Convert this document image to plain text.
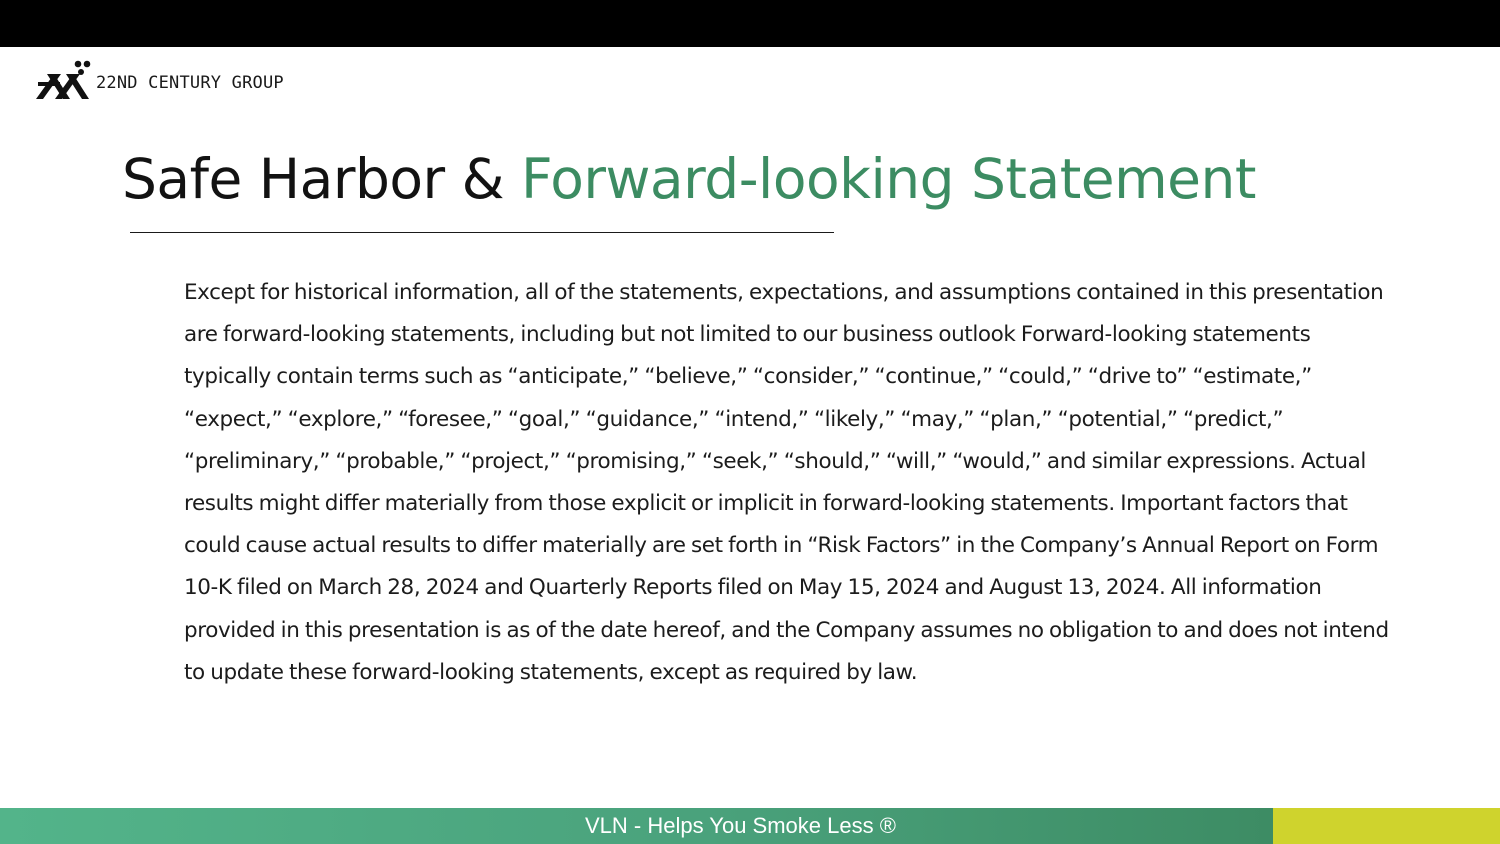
22ND CENTURY GROUP
Safe Harbor & Forward-looking Statement

Except for historical information, all of the statements, expectations, and assumptions contained in this presentation are forward-looking statements, including but not limited to our business outlook Forward-looking statements typically contain terms such as “anticipate,” “believe,” “consider,” “continue,” “could,” “drive to” “estimate,” “expect,” “explore,” “foresee,” “goal,” “guidance,” “intend,” “likely,” “may,” “plan,” “potential,” “predict,” “preliminary,” “probable,” “project,” “promising,” “seek,” “should,” “will,” “would,” and similar expressions. Actual results might differ materially from those explicit or implicit in forward-looking statements. Important factors that could cause actual results to differ materially are set forth in “Risk Factors” in the Company’s Annual Report on Form 10-K filed on March 28, 2024 and Quarterly Reports filed on May 15, 2024 and August 13, 2024. All information provided in this presentation is as of the date hereof, and the Company assumes no obligation to and does not intend to update these forward-looking statements, except as required by law.

VLN - Helps You Smoke Less ®
